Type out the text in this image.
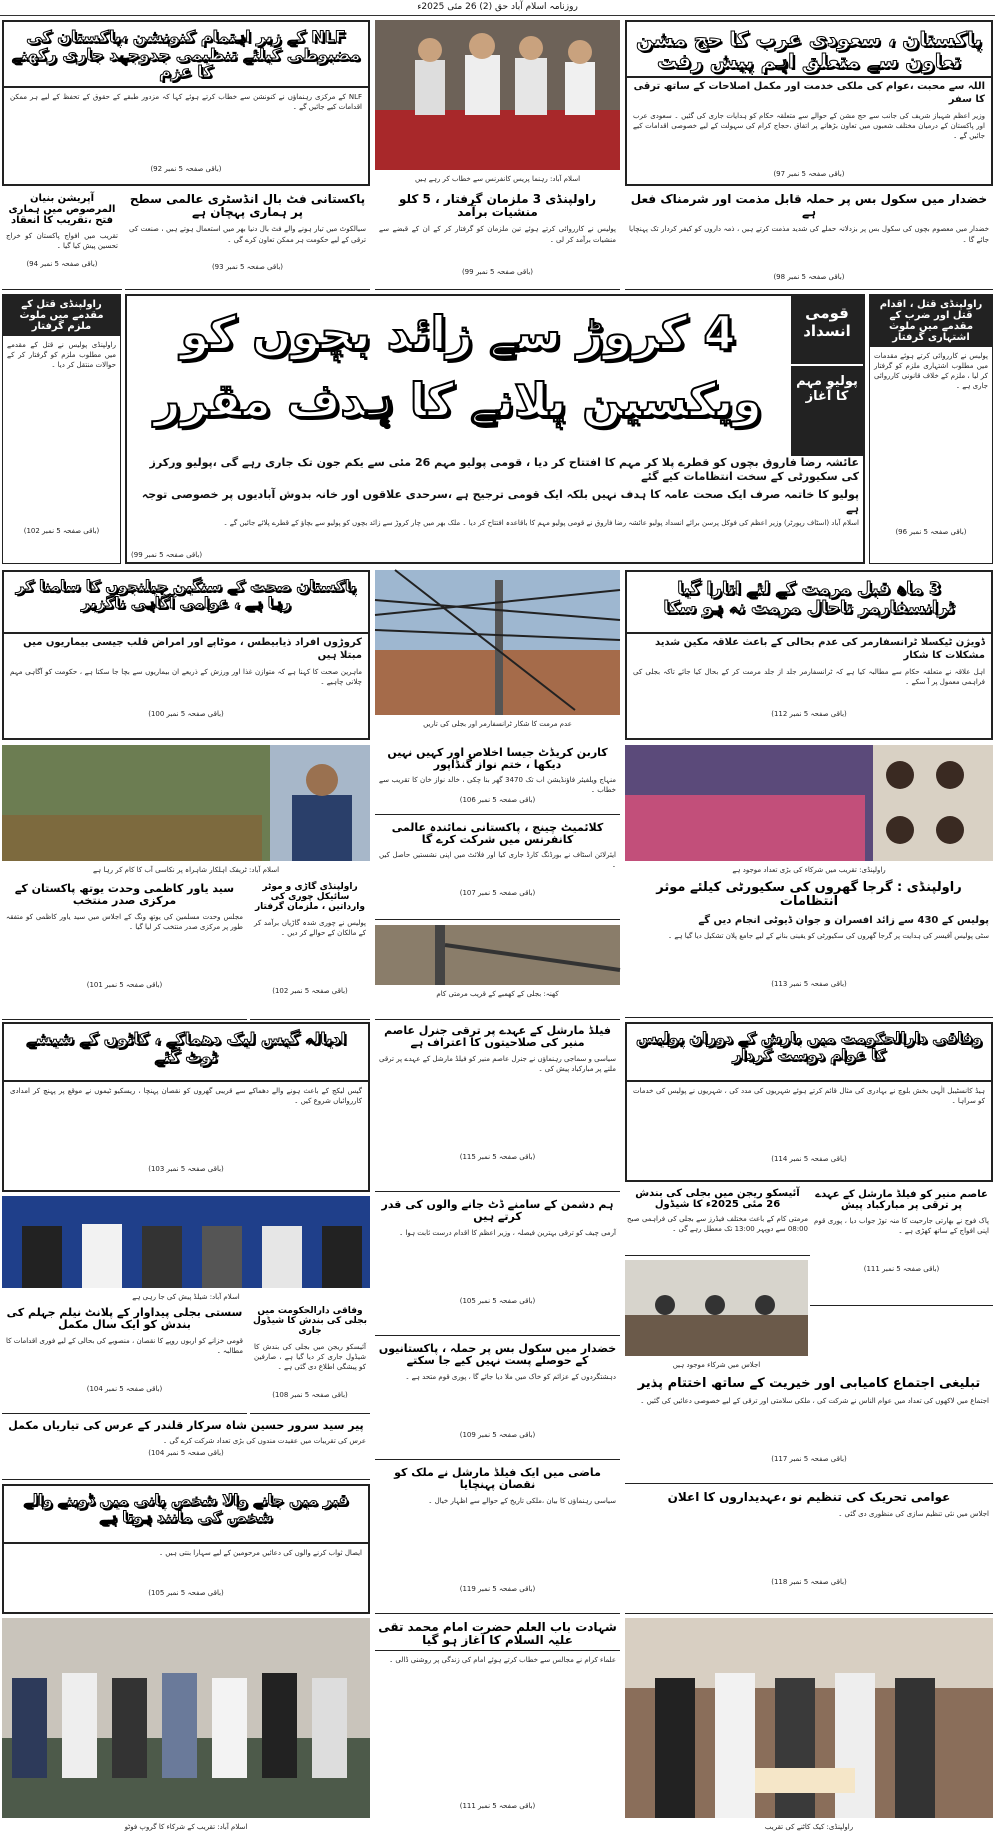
روزنامہ اسلام آباد حق (2) 26 مئی 2025ء
پاکستان ، سعودی عرب کا حج مشن تعاون سے متعلق اہم پیش رفت
اللہ سے محبت ،عوام کی ملکی خدمت اور مکمل اصلاحات کے ساتھ ترقی کا سفر
وزیر اعظم شہباز شریف کی جانب سے حج مشن کے حوالے سے متعلقہ حکام کو ہدایات جاری کی گئیں ۔ سعودی عرب اور پاکستان کے درمیان مختلف شعبوں میں تعاون بڑھانے پر اتفاق ،حجاج کرام کی سہولت کے لیے خصوصی اقدامات کیے جائیں گے ۔
(باقی صفحہ 5 نمبر 97)
اسلام آباد: رہنما پریس کانفرنس سے خطاب کر رہے ہیں
NLF کے زیر اہتمام کنونشن ،پاکستان کی مضبوطی کیلئے تنظیمی جدوجہد جاری رکھنے کا عزم
NLF کے مرکزی رہنماؤں نے کنونشن سے خطاب کرتے ہوئے کہا کہ مزدور طبقے کے حقوق کے تحفظ کے لیے ہر ممکن اقدامات کیے جائیں گے ۔
(باقی صفحہ 5 نمبر 92)
خضدار میں سکول بس پر حملہ قابل مذمت اور شرمناک فعل ہے
خضدار میں معصوم بچوں کی سکول بس پر بزدلانہ حملے کی شدید مذمت کرتے ہیں ، ذمہ داروں کو کیفر کردار تک پہنچایا جائے گا ۔
(باقی صفحہ 5 نمبر 98)
راولپنڈی 3 ملزمان گرفتار ، 5 کلو منشیات برآمد
پولیس نے کارروائی کرتے ہوئے تین ملزمان کو گرفتار کر کے ان کے قبضے سے منشیات برآمد کر لی ۔
(باقی صفحہ 5 نمبر 99)
پاکستانی فٹ بال انڈسٹری عالمی سطح پر ہماری پہچان ہے
سیالکوٹ میں تیار ہونے والے فٹ بال دنیا بھر میں استعمال ہوتے ہیں ، صنعت کی ترقی کے لیے حکومت ہر ممکن تعاون کرے گی ۔
(باقی صفحہ 5 نمبر 93)
آپریشن بنیان المرصوص میں ہماری فتح ،تقریب کا انعقاد
تقریب میں افواج پاکستان کو خراج تحسین پیش کیا گیا ۔
(باقی صفحہ 5 نمبر 94)
قومی انسداد
پولیو مہم کا آغاز
4 کروڑ سے زائد بچوں کو ویکسین پلانے کا ہدف مقرر
عائشہ رضا فاروق بچوں کو قطرے پلا کر مہم کا افتتاح کر دیا ، قومی پولیو مہم 26 مئی سے یکم جون تک جاری رہے گی ،پولیو ورکرز کی سکیورٹی کے سخت انتظامات کیے گئے
پولیو کا خاتمہ صرف ایک صحت عامہ کا ہدف نہیں بلکہ ایک قومی ترجیح ہے ،سرحدی علاقوں اور خانہ بدوش آبادیوں پر خصوصی توجہ ہے
اسلام آباد (اسٹاف رپورٹر) وزیر اعظم کی فوکل پرسن برائے انسداد پولیو عائشہ رضا فاروق نے قومی پولیو مہم کا باقاعدہ افتتاح کر دیا ۔ ملک بھر میں چار کروڑ سے زائد بچوں کو پولیو سے بچاؤ کے قطرے پلائے جائیں گے ۔
(باقی صفحہ 5 نمبر 99)
راولپنڈی قتل ، اقدام قتل اور ضرب کے مقدمے میں ملوث اشتہاری گرفتار
پولیس نے کارروائی کرتے ہوئے مقدمات میں مطلوب اشتہاری ملزم کو گرفتار کر لیا ، ملزم کے خلاف قانونی کارروائی جاری ہے ۔
(باقی صفحہ 5 نمبر 96)
راولپنڈی قتل کے مقدمے میں ملوث ملزم گرفتار
راولپنڈی پولیس نے قتل کے مقدمے میں مطلوب ملزم کو گرفتار کر کے حوالات منتقل کر دیا ۔
(باقی صفحہ 5 نمبر 102)
3 ماہ قبل مرمت کے لئے اتارا گیا ٹرانسفارمر تاحال مرمت نہ ہو سکا
ڈویژن ٹیکسلا ٹرانسفارمر کی عدم بحالی کے باعث علاقہ مکین شدید مشکلات کا شکار
اہل علاقہ نے متعلقہ حکام سے مطالبہ کیا ہے کہ ٹرانسفارمر جلد از جلد مرمت کر کے بحال کیا جائے تاکہ بجلی کی فراہمی معمول پر آ سکے ۔
(باقی صفحہ 5 نمبر 112)
عدم مرمت کا شکار ٹرانسفارمر اور بجلی کی تاریں
پاکستان صحت کے سنگین چیلنجوں کا سامنا کر رہا ہے ، عوامی آگاہی ناگزیر
کروڑوں افراد ذیابیطس ، موٹاپے اور امراض قلب جیسی بیماریوں میں مبتلا ہیں
ماہرین صحت کا کہنا ہے کہ متوازن غذا اور ورزش کے ذریعے ان بیماریوں سے بچا جا سکتا ہے ، حکومت کو آگاہی مہم چلانی چاہیے ۔
(باقی صفحہ 5 نمبر 100)
راولپنڈی: تقریب میں شرکاء کی بڑی تعداد موجود ہے
کاربن کریڈٹ جیسا اخلاص اور کہیں نہیں دیکھا ، ختم نواز گنڈاپور
منہاج ویلفیئر فاؤنڈیشن اب تک 3470 گھر بنا چکی ، خالد نواز خان کا تقریب سے خطاب ۔
(باقی صفحہ 5 نمبر 106)
کلائمیٹ چینج ، پاکستانی نمائندہ عالمی کانفرنس میں شرکت کرے گا
ایئرلائن اسٹاف نے بورڈنگ کارڈ جاری کیا اور فلائٹ میں اپنی نشستیں حاصل کیں ۔
(باقی صفحہ 5 نمبر 107)
اسلام آباد: ٹریفک اہلکار شاہراہ پر نکاسی آب کا کام کر رہا ہے
راولپنڈی : گرجا گھروں کی سکیورٹی کیلئے موثر انتظامات
پولیس کے 430 سے زائد افسران و جوان ڈیوٹی انجام دیں گے
سٹی پولیس آفیسر کی ہدایت پر گرجا گھروں کی سکیورٹی کو یقینی بنانے کے لیے جامع پلان تشکیل دیا گیا ہے ۔
(باقی صفحہ 5 نمبر 113)
کھنہ: بجلی کے کھمبے کے قریب مرمتی کام
سید یاور کاظمی وحدت یوتھ پاکستان کے مرکزی صدر منتخب
مجلس وحدت مسلمین کی یوتھ ونگ کے اجلاس میں سید یاور کاظمی کو متفقہ طور پر مرکزی صدر منتخب کر لیا گیا ۔
(باقی صفحہ 5 نمبر 101)
راولپنڈی گاڑی و موٹر سائیکل چوری کی وارداتیں ، ملزمان گرفتار
پولیس نے چوری شدہ گاڑیاں برآمد کر کے مالکان کے حوالے کر دیں ۔
(باقی صفحہ 5 نمبر 102)
وفاقی دارالحکومت میں بارش کے دوران پولیس کا عوام دوست کردار
ہیڈ کانسٹیبل الٰہی بخش بلوچ نے بہادری کی مثال قائم کرتے ہوئے شہریوں کی مدد کی ، شہریوں نے پولیس کی خدمات کو سراہا ۔
(باقی صفحہ 5 نمبر 114)
فیلڈ مارشل کے عہدے پر ترقی جنرل عاصم منیر کی صلاحیتوں کا اعتراف ہے
سیاسی و سماجی رہنماؤں نے جنرل عاصم منیر کو فیلڈ مارشل کے عہدے پر ترقی ملنے پر مبارکباد پیش کی ۔
(باقی صفحہ 5 نمبر 115)
ادیالہ گیس لیک دھماکے ، کاٹوں کے شیشے ٹوٹ گئے
گیس لیکج کے باعث ہونے والے دھماکے سے قریبی گھروں کو نقصان پہنچا ، ریسکیو ٹیموں نے موقع پر پہنچ کر امدادی کارروائیاں شروع کیں ۔
(باقی صفحہ 5 نمبر 103)
آئیسکو ریجن میں بجلی کی بندش 26 مئی 2025ء کا شیڈول
مرمتی کام کے باعث مختلف فیڈرز سے بجلی کی فراہمی صبح 08:00 سے دوپہر 13:00 تک معطل رہے گی ۔
عاصم منیر کو فیلڈ مارشل کے عہدے پر ترقی پر مبارکباد پیش
پاک فوج نے بھارتی جارحیت کا منہ توڑ جواب دیا ، پوری قوم اپنی افواج کے ساتھ کھڑی ہے ۔
(باقی صفحہ 5 نمبر 111)
اجلاس میں شرکاء موجود ہیں
ہم دشمن کے سامنے ڈٹ جانے والوں کی قدر کرتے ہیں
آرمی چیف کو ترقی بہترین فیصلہ ، وزیر اعظم کا اقدام درست ثابت ہوا ۔
(باقی صفحہ 5 نمبر 105)
اسلام آباد: شیلڈ پیش کی جا رہی ہے
سستی بجلی پیداوار کے پلانٹ نیلم جہلم کی بندش کو ایک سال مکمل
قومی خزانے کو اربوں روپے کا نقصان ، منصوبے کی بحالی کے لیے فوری اقدامات کا مطالبہ ۔
(باقی صفحہ 5 نمبر 104)
وفاقی دارالحکومت میں بجلی کی بندش کا شیڈول جاری
آئیسکو ریجن میں بجلی کی بندش کا شیڈول جاری کر دیا گیا ہے ، صارفین کو پیشگی اطلاع دی گئی ہے ۔
(باقی صفحہ 5 نمبر 108)
پیر سید سرور حسین شاہ سرکار قلندر کے عرس کی تیاریاں مکمل
عرس کی تقریبات میں عقیدت مندوں کی بڑی تعداد شرکت کرے گی ۔
(باقی صفحہ 5 نمبر 104)
خضدار میں سکول بس پر حملہ ، پاکستانیوں کے حوصلے پست نہیں کیے جا سکتے
دہشتگردوں کے عزائم کو خاک میں ملا دیا جائے گا ، پوری قوم متحد ہے ۔
(باقی صفحہ 5 نمبر 109)
تبلیغی اجتماع کامیابی اور خیریت کے ساتھ اختتام پذیر
اجتماع میں لاکھوں کی تعداد میں عوام الناس نے شرکت کی ، ملکی سلامتی اور ترقی کے لیے خصوصی دعائیں کی گئیں ۔
(باقی صفحہ 5 نمبر 117)
قبر میں جانے والا شخص پانی میں ڈوبنے والے شخص کی مانند ہوتا ہے
ایصال ثواب کرنے والوں کی دعائیں مرحومین کے لیے سہارا بنتی ہیں ۔
(باقی صفحہ 5 نمبر 105)
ماضی میں ایک فیلڈ مارشل نے ملک کو نقصان پہنچایا
سیاسی رہنماؤں کا بیان ،ملکی تاریخ کے حوالے سے اظہار خیال ۔
(باقی صفحہ 5 نمبر 119)
عوامی تحریک کی تنظیم نو ،عہدیداروں کا اعلان
اجلاس میں نئی تنظیم سازی کی منظوری دی گئی ۔
(باقی صفحہ 5 نمبر 118)
اسلام آباد: تقریب کے شرکاء کا گروپ فوٹو
شہادت باب العلم حضرت امام محمد تقی علیہ السلام کا آغاز ہو گیا
علماء کرام نے مجالس سے خطاب کرتے ہوئے امام کی زندگی پر روشنی ڈالی ۔
(باقی صفحہ 5 نمبر 111)
راولپنڈی: کیک کاٹنے کی تقریب
